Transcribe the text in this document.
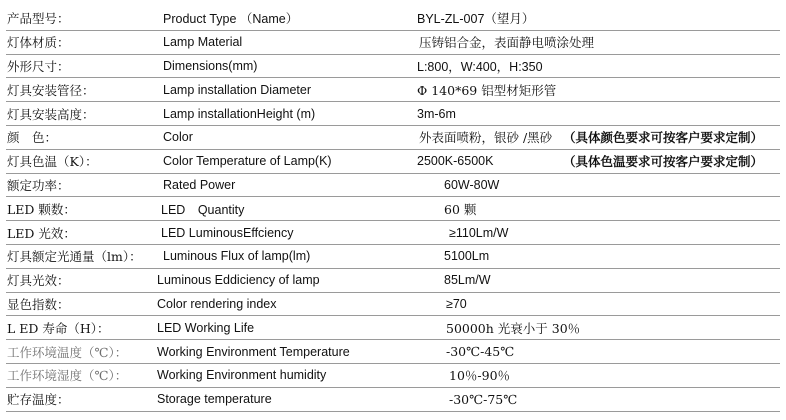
产品型号：	Product Type （Name）	BYL-ZL-007（望月）
灯体材质：	Lamp Material	压铸铝合金，表面静电喷涂处理
外形尺寸：	Dimensions(mm)	L:800，W:400，H:350
灯具安装管径：	Lamp installation Diameter	Φ 140*69 铝型材矩形管
灯具安装高度：	Lamp installationHeight (m)	3m-6m
颜　色：	Color	外表面喷粉，银砂 /黑砂 （具体颜色要求可按客户要求定制）
灯具色温（K）：	Color Temperature of Lamp(K)	2500K-6500K	（具体色温要求可按客户要求定制）
额定功率：	Rated Power	60W-80W
LED 颗数：	LED　Quantity	60 颗
LED 光效：	LED LuminousEffciency	≥110Lm/W
灯具额定光通量（lm）：	Luminous Flux of lamp(lm)	5100Lm
灯具光效：	Luminous Eddiciency of lamp	85Lm/W
显色指数：	Color rendering index	≥70
L ED 寿命（H）：	LED Working Life	50000h 光衰小于 30％
工作环境温度（℃）：	Working Environment Temperature	-30℃-45℃
工作环境湿度（℃）：	Working Environment humidity	10％-90％
贮存温度：	Storage temperature	-30℃-75℃
